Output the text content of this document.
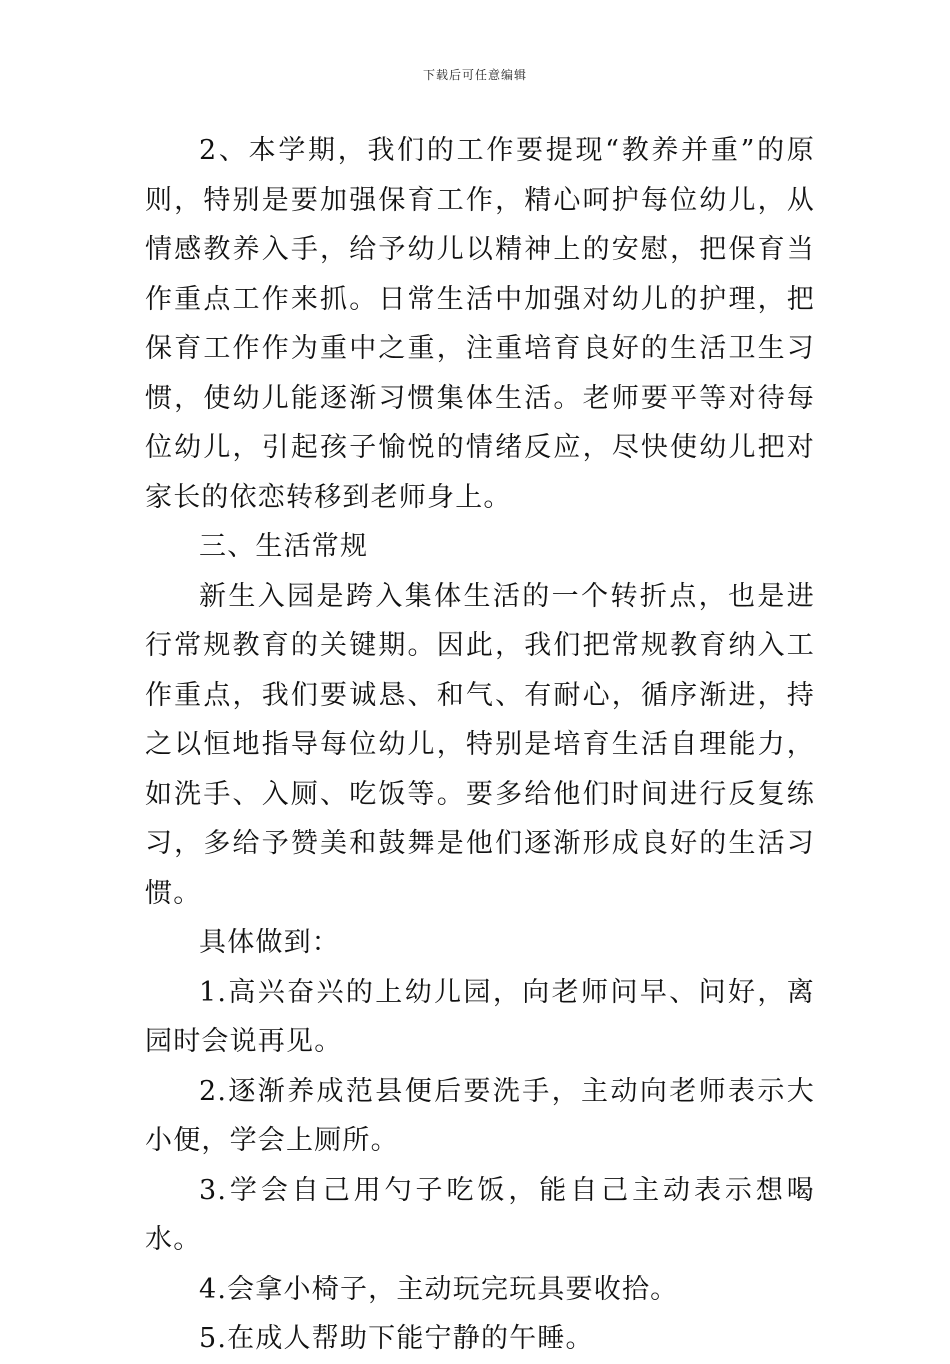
下载后可任意编辑

2、本学期，我们的工作要提现“教养并重”的原则，特别是要加强保育工作，精心呵护每位幼儿，从情感教养入手，给予幼儿以精神上的安慰，把保育当作重点工作来抓。日常生活中加强对幼儿的护理，把保育工作作为重中之重，注重培育良好的生活卫生习惯，使幼儿能逐渐习惯集体生活。老师要平等对待每位幼儿，引起孩子愉悦的情绪反应，尽快使幼儿把对家长的依恋转移到老师身上。

三、生活常规

新生入园是跨入集体生活的一个转折点，也是进行常规教育的关键期。因此，我们把常规教育纳入工作重点，我们要诚恳、和气、有耐心，循序渐进，持之以恒地指导每位幼儿，特别是培育生活自理能力，如洗手、入厕、吃饭等。要多给他们时间进行反复练习，多给予赞美和鼓舞是他们逐渐形成良好的生活习惯。

具体做到：

1.高兴奋兴的上幼儿园，向老师问早、问好，离园时会说再见。

2.逐渐养成范县便后要洗手，主动向老师表示大小便，学会上厕所。

3.学会自己用勺子吃饭，能自己主动表示想喝水。

4.会拿小椅子，主动玩完玩具要收拾。

5.在成人帮助下能宁静的午睡。
